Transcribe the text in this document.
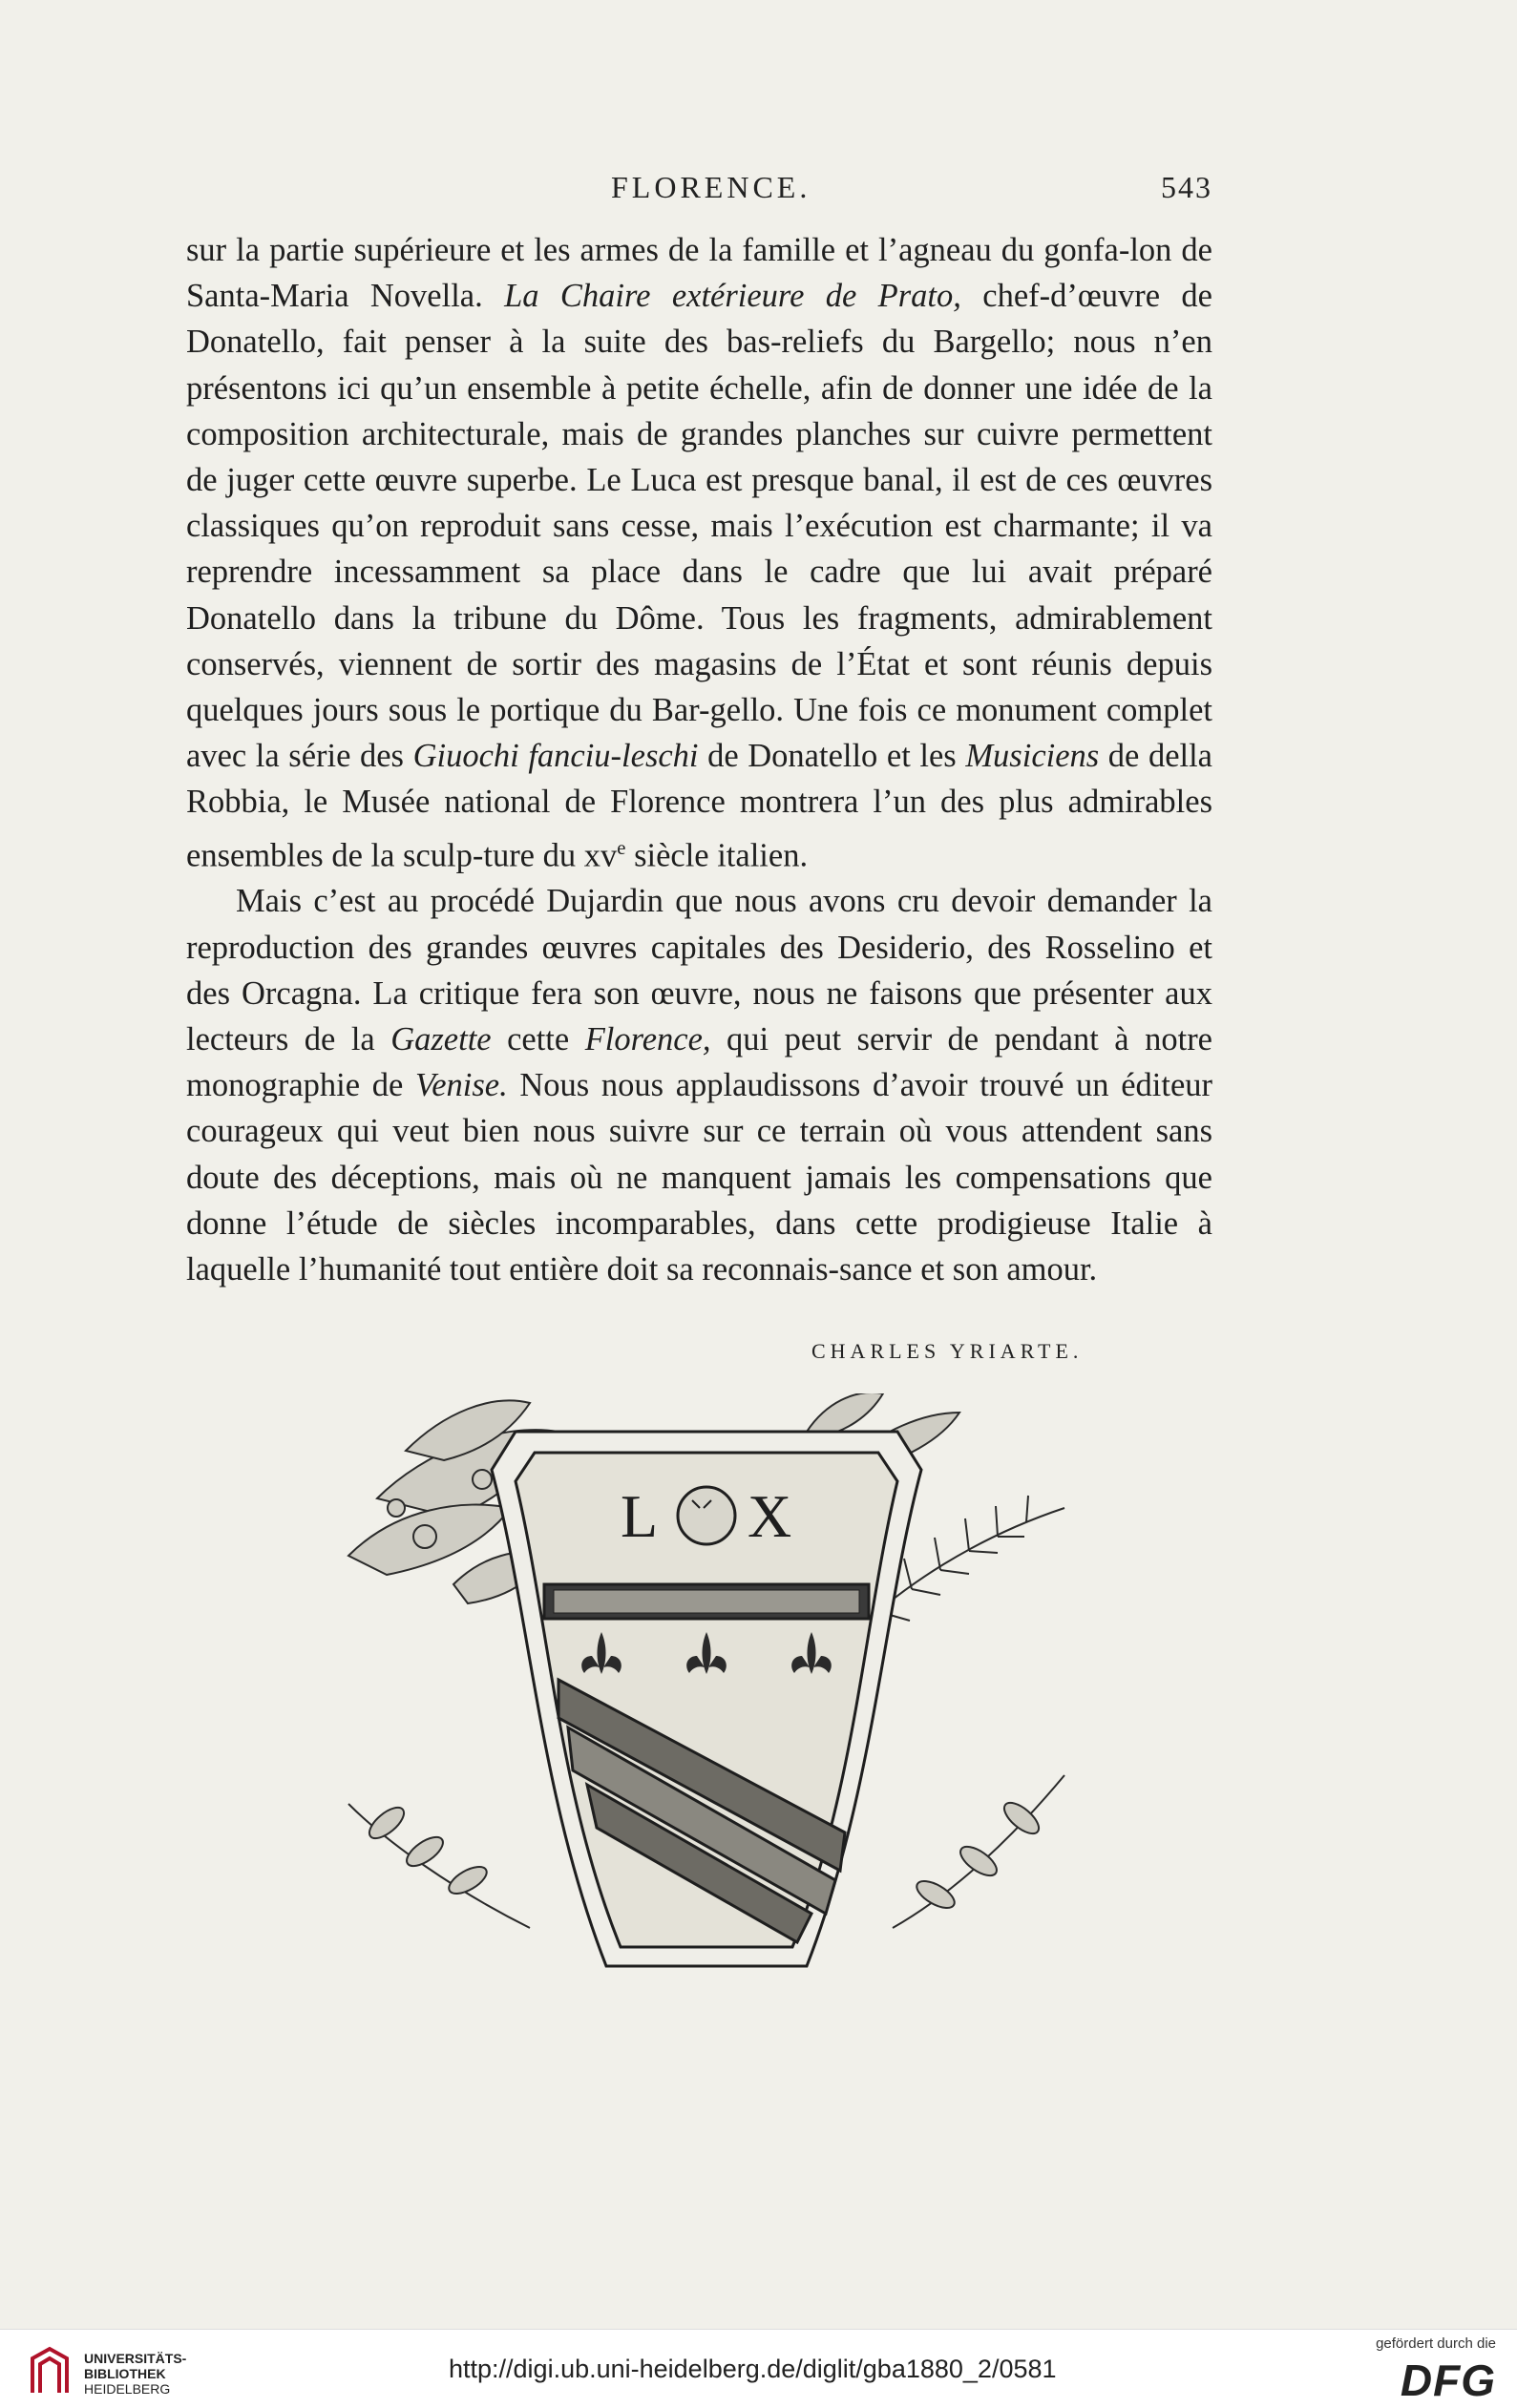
FLORENCE.	543

sur la partie supérieure et les armes de la famille et l’agneau du gonfa-lon de Santa-Maria Novella. La Chaire extérieure de Prato, chef-d’œuvre de Donatello, fait penser à la suite des bas-reliefs du Bargello; nous n’en présentons ici qu’un ensemble à petite échelle, afin de donner une idée de la composition architecturale, mais de grandes planches sur cuivre permettent de juger cette œuvre superbe. Le Luca est presque banal, il est de ces œuvres classiques qu’on reproduit sans cesse, mais l’exécution est charmante; il va reprendre incessamment sa place dans le cadre que lui avait préparé Donatello dans la tribune du Dôme. Tous les fragments, admirablement conservés, viennent de sortir des magasins de l’État et sont réunis depuis quelques jours sous le portique du Bar-gello. Une fois ce monument complet avec la série des Giuochi fanciu-leschi de Donatello et les Musiciens de della Robbia, le Musée national de Florence montrera l’un des plus admirables ensembles de la sculp-ture du $xv^e$ siècle italien.

Mais c’est au procédé Dujardin que nous avons cru devoir demander la reproduction des grandes œuvres capitales des Desiderio, des Rosselino et des Orcagna. La critique fera son œuvre, nous ne faisons que présenter aux lecteurs de la Gazette cette Florence, qui peut servir de pendant à notre monographie de Venise. Nous nous applaudissons d’avoir trouvé un éditeur courageux qui veut bien nous suivre sur ce terrain où vous attendent sans doute des déceptions, mais où ne manquent jamais les compensations que donne l’étude de siècles incomparables, dans cette prodigieuse Italie à laquelle l’humanité tout entière doit sa reconnais-sance et son amour.

CHARLES YRIARTE.
L X
UNIVERSITÄTS-
BIBLIOTHEK
HEIDELBERG
http://digi.ub.uni-heidelberg.de/diglit/gba1880_2/0581
gefördert durch die
DFG
